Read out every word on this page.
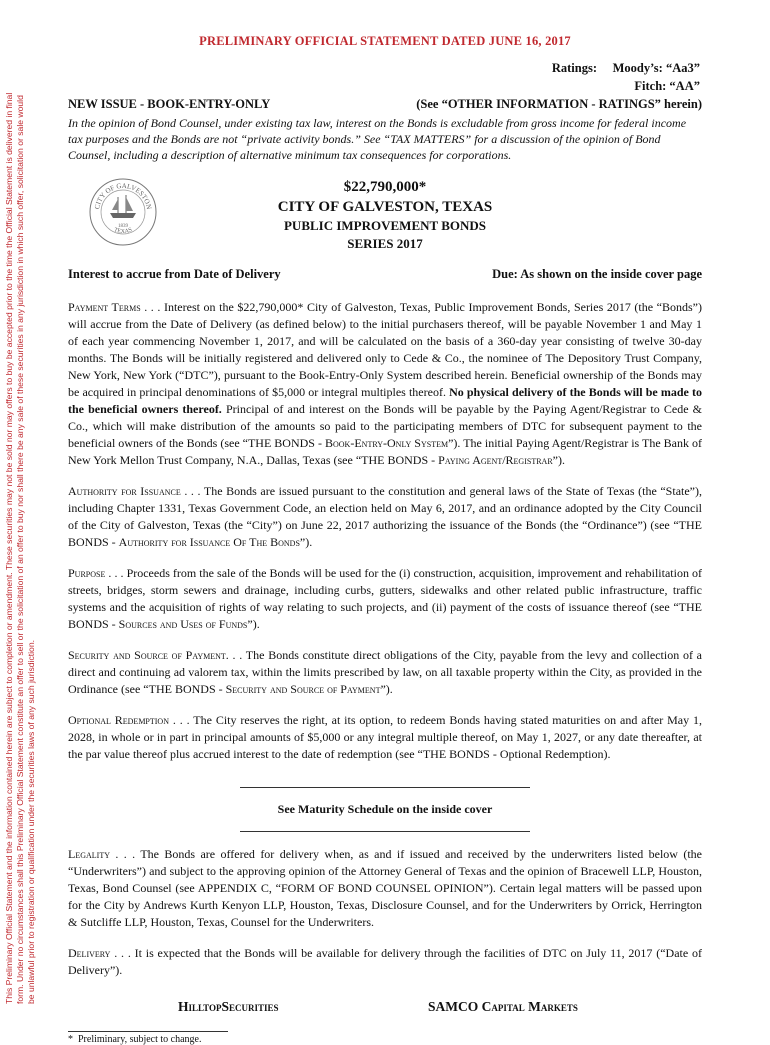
This Preliminary Official Statement and the information contained herein are subject to completion or amendment. These securities may not be sold nor may offers to buy be accepted prior to the time the Official Statement is delivered in final form. Under no circumstances shall this Preliminary Official Statement constitute an offer to sell or the solicitation of an offer to buy nor shall there be any sale of these securities in any jurisdiction in which such offer, solicitation or sale would be unlawful prior to registration or qualification under the securities laws of any such jurisdiction.
PRELIMINARY OFFICIAL STATEMENT DATED JUNE 16, 2017
Ratings:     Moody’s: “Aa3”
Fitch: “AA”
NEW ISSUE - BOOK-ENTRY-ONLY	(See “OTHER INFORMATION - RATINGS” herein)

In the opinion of Bond Counsel, under existing tax law, interest on the Bonds is excludable from gross income for federal income tax purposes and the Bonds are not “private activity bonds.” See “TAX MATTERS” for a discussion of the opinion of Bond Counsel, including a description of alternative minimum tax consequences for corporations.

CITY OF GALVESTON
TEXAS
1839
$22,790,000*
CITY OF GALVESTON, TEXAS
PUBLIC IMPROVEMENT BONDS
SERIES 2017
Interest to accrue from Date of Delivery	Due: As shown on the inside cover page

Payment Terms . . . Interest on the $22,790,000* City of Galveston, Texas, Public Improvement Bonds, Series 2017 (the “Bonds”) will accrue from the Date of Delivery (as defined below) to the initial purchasers thereof, will be payable November 1 and May 1 of each year commencing November 1, 2017, and will be calculated on the basis of a 360-day year consisting of twelve 30-day months. The Bonds will be initially registered and delivered only to Cede & Co., the nominee of The Depository Trust Company, New York, New York (“DTC”), pursuant to the Book-Entry-Only System described herein. Beneficial ownership of the Bonds may be acquired in principal denominations of $5,000 or integral multiples thereof. No physical delivery of the Bonds will be made to the beneficial owners thereof. Principal of and interest on the Bonds will be payable by the Paying Agent/Registrar to Cede & Co., which will make distribution of the amounts so paid to the participating members of DTC for subsequent payment to the beneficial owners of the Bonds (see “THE BONDS - Book-Entry-Only System”). The initial Paying Agent/Registrar is The Bank of New York Mellon Trust Company, N.A., Dallas, Texas (see “THE BONDS - Paying Agent/Registrar”).

Authority for Issuance . . . The Bonds are issued pursuant to the constitution and general laws of the State of Texas (the “State”), including Chapter 1331, Texas Government Code, an election held on May 6, 2017, and an ordinance adopted by the City Council of the City of Galveston, Texas (the “City”) on June 22, 2017 authorizing the issuance of the Bonds (the “Ordinance”) (see “THE BONDS - Authority for Issuance Of The Bonds”).

Purpose . . . Proceeds from the sale of the Bonds will be used for the (i) construction, acquisition, improvement and rehabilitation of streets, bridges, storm sewers and drainage, including curbs, gutters, sidewalks and other related public infrastructure, traffic systems and the acquisition of rights of way relating to such projects, and (ii) payment of the costs of issuance thereof (see “THE BONDS - Sources and Uses of Funds”).

Security and Source of Payment. . . The Bonds constitute direct obligations of the City, payable from the levy and collection of a direct and continuing ad valorem tax, within the limits prescribed by law, on all taxable property within the City, as provided in the Ordinance (see “THE BONDS - Security and Source of Payment”).

Optional Redemption . . . The City reserves the right, at its option, to redeem Bonds having stated maturities on and after May 1, 2028, in whole or in part in principal amounts of $5,000 or any integral multiple thereof, on May 1, 2027, or any date thereafter, at the par value thereof plus accrued interest to the date of redemption (see “THE BONDS - Optional Redemption).

See Maturity Schedule on the inside cover

Legality . . . The Bonds are offered for delivery when, as and if issued and received by the underwriters listed below (the “Underwriters”) and subject to the approving opinion of the Attorney General of Texas and the opinion of Bracewell LLP, Houston, Texas, Bond Counsel (see APPENDIX C, “FORM OF BOND COUNSEL OPINION”). Certain legal matters will be passed upon for the City by Andrews Kurth Kenyon LLP, Houston, Texas, Disclosure Counsel, and for the Underwriters by Orrick, Herrington & Sutcliffe LLP, Houston, Texas, Counsel for the Underwriters.

Delivery . . . It is expected that the Bonds will be available for delivery through the facilities of DTC on July 11, 2017 (“Date of Delivery”).

HilltopSecurities	SAMCO Capital Markets
*  Preliminary, subject to change.
